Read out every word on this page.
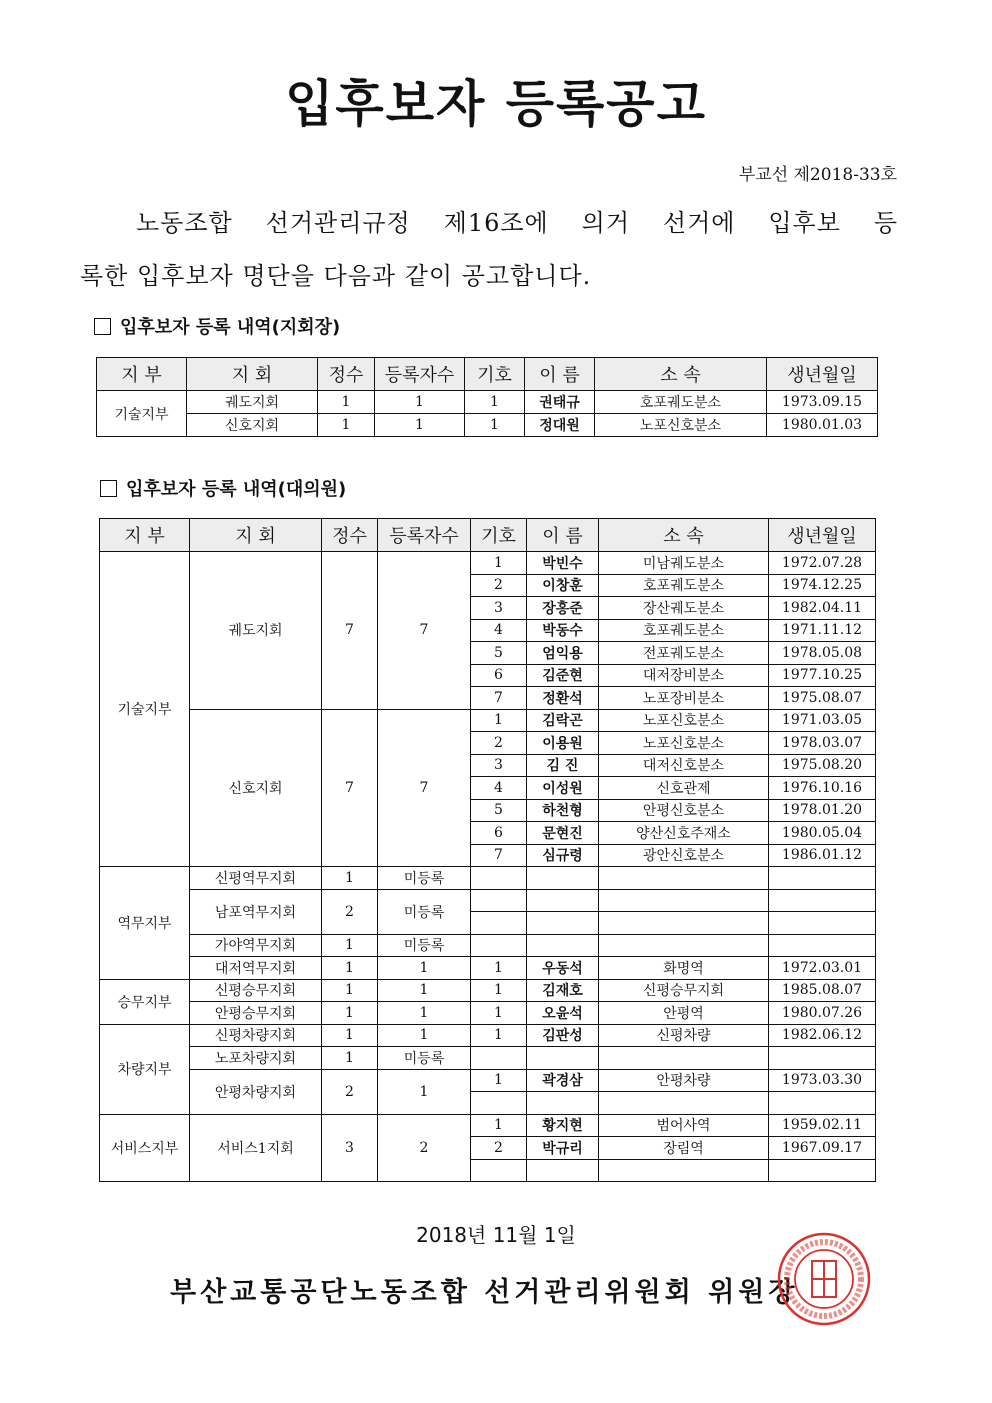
입후보자 등록공고
부교선 제2018-33호
노동조합 선거관리규정 제16조에 의거 선거에 입후보 등
록한 입후보자 명단을 다음과 같이 공고합니다.
입후보자 등록 내역(지회장)
지 부	지 회	정수	등록자수	기호	이 름	소 속	생년월일
기술지부	궤도지회	1	1	1	권태규	호포궤도분소	1973.09.15
	신호지회	1	1	1	정대원	노포신호분소	1980.01.03
입후보자 등록 내역(대의원)
지 부	지 회	정수	등록자수	기호	이 름	소 속	생년월일
기술지부	궤도지회	7	7	1	박빈수	미남궤도분소	1972.07.28
				2	이창훈	호포궤도분소	1974.12.25
				3	장홍준	장산궤도분소	1982.04.11
				4	박동수	호포궤도분소	1971.11.12
				5	엄익용	전포궤도분소	1978.05.08
				6	김준현	대저장비분소	1977.10.25
				7	정환석	노포장비분소	1975.08.07
	신호지회	7	7	1	김락곤	노포신호분소	1971.03.05
				2	이용원	노포신호분소	1978.03.07
				3	김 진	대저신호분소	1975.08.20
				4	이성원	신호관제	1976.10.16
				5	하천형	안평신호분소	1978.01.20
				6	문현진	양산신호주재소	1980.05.04
				7	심규령	광안신호분소	1986.01.12
역무지부	신평역무지회	1	미등록				
	남포역무지회	2	미등록				

	가야역무지회	1	미등록				
	대저역무지회	1	1	1	우동석	화명역	1972.03.01
승무지부	신평승무지회	1	1	1	김재호	신평승무지회	1985.08.07
	안평승무지회	1	1	1	오윤석	안평역	1980.07.26
차량지부	신평차량지회	1	1	1	김판성	신평차량	1982.06.12
	노포차량지회	1	미등록				
	안평차량지회	2	1	1	곽경삼	안평차량	1973.03.30

서비스지부	서비스1지회	3	2	1	황지현	범어사역	1959.02.11
				2	박규리	장림역	1967.09.17

2018년 11월 1일
부산교통공단노동조합 선거관리위원회 위원장
